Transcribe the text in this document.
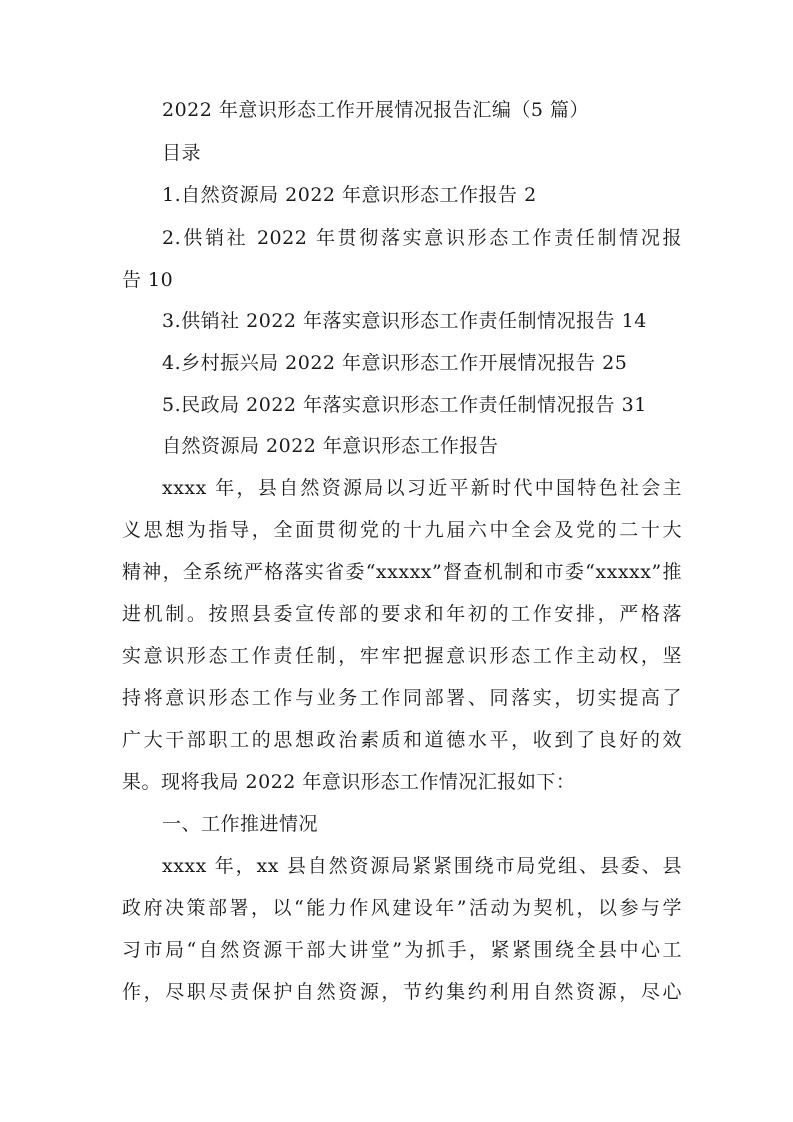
2022 年意识形态工作开展情况报告汇编（5 篇）
目录
1.自然资源局 2022 年意识形态工作报告 2
2.供销社 2022 年贯彻落实意识形态工作责任制情况报
告 10
3.供销社 2022 年落实意识形态工作责任制情况报告 14
4.乡村振兴局 2022 年意识形态工作开展情况报告 25
5.民政局 2022 年落实意识形态工作责任制情况报告 31
自然资源局 2022 年意识形态工作报告
xxxx 年，县自然资源局以习近平新时代中国特色社会主
义思想为指导，全面贯彻党的十九届六中全会及党的二十大
精神，全系统严格落实省委“xxxxx”督查机制和市委“xxxxx”推
进机制。按照县委宣传部的要求和年初的工作安排，严格落
实意识形态工作责任制，牢牢把握意识形态工作主动权，坚
持将意识形态工作与业务工作同部署、同落实，切实提高了
广大干部职工的思想政治素质和道德水平，收到了良好的效
果。现将我局 2022 年意识形态工作情况汇报如下：
一、工作推进情况
xxxx 年，xx 县自然资源局紧紧围绕市局党组、县委、县
政府决策部署，以“能力作风建设年”活动为契机，以参与学
习市局“自然资源干部大讲堂”为抓手，紧紧围绕全县中心工
作，尽职尽责保护自然资源，节约集约利用自然资源，尽心
